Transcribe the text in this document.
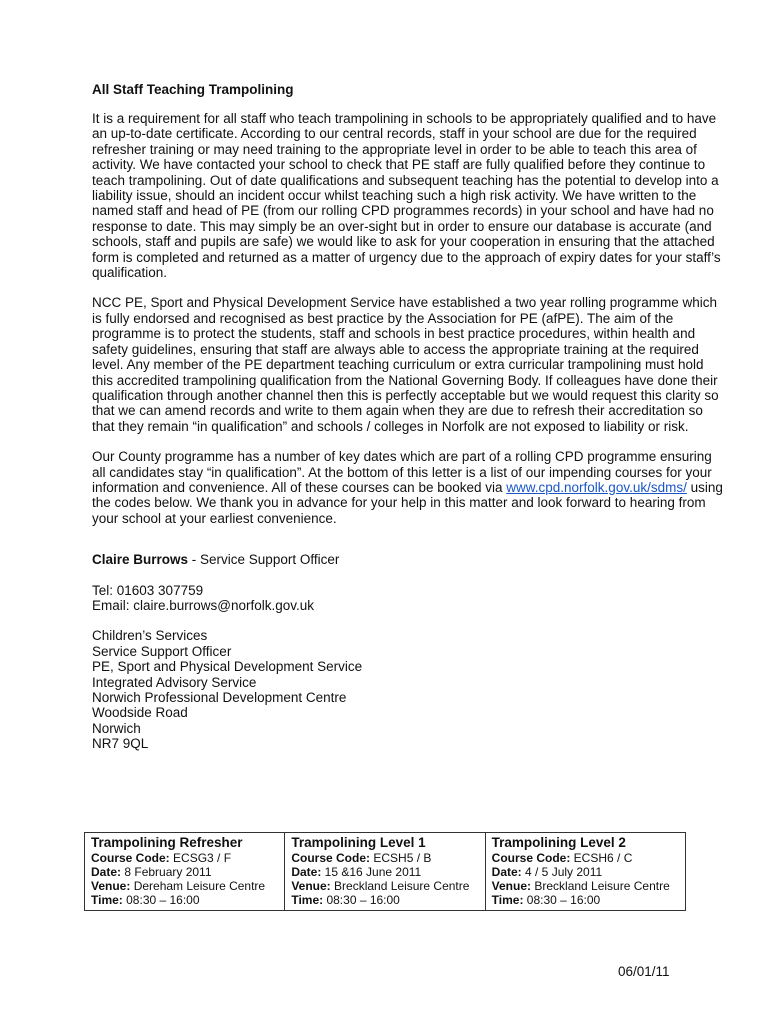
All Staff Teaching Trampolining

It is a requirement for all staff who teach trampolining in schools to be appropriately qualified and to have an up-to-date certificate. According to our central records, staff in your school are due for the required refresher training or may need training to the appropriate level in order to be able to teach this area of activity. We have contacted your school to check that PE staff are fully qualified before they continue to teach trampolining. Out of date qualifications and subsequent teaching has the potential to develop into a liability issue, should an incident occur whilst teaching such a high risk activity. We have written to the named staff and head of PE (from our rolling CPD programmes records) in your school and have had no response to date. This may simply be an over-sight but in order to ensure our database is accurate (and schools, staff and pupils are safe) we would like to ask for your cooperation in ensuring that the attached form is completed and returned as a matter of urgency due to the approach of expiry dates for your staff’s qualification.

NCC PE, Sport and Physical Development Service have established a two year rolling programme which is fully endorsed and recognised as best practice by the Association for PE (afPE). The aim of the programme is to protect the students, staff and schools in best practice procedures, within health and safety guidelines, ensuring that staff are always able to access the appropriate training at the required level. Any member of the PE department teaching curriculum or extra curricular trampolining must hold this accredited trampolining qualification from the National Governing Body. If colleagues have done their qualification through another channel then this is perfectly acceptable but we would request this clarity so that we can amend records and write to them again when they are due to refresh their accreditation so that they remain “in qualification” and schools / colleges in Norfolk are not exposed to liability or risk.

Our County programme has a number of key dates which are part of a rolling CPD programme ensuring all candidates stay “in qualification”. At the bottom of this letter is a list of our impending courses for your information and convenience. All of these courses can be booked via www.cpd.norfolk.gov.uk/sdms/ using the codes below. We thank you in advance for your help in this matter and look forward to hearing from your school at your earliest convenience.

Claire Burrows - Service Support Officer
Tel: 01603 307759
Email: claire.burrows@norfolk.gov.uk
Children’s Services
Service Support Officer
PE, Sport and Physical Development Service
Integrated Advisory Service
Norwich Professional Development Centre
Woodside Road
Norwich
NR7 9QL
Trampolining Refresher
Course Code: ECSG3 / F
Date: 8 February 2011
Venue: Dereham Leisure Centre
Time: 08:30 – 16:00

Trampolining Level 1
Course Code: ECSH5 / B
Date: 15 &16 June 2011
Venue: Breckland Leisure Centre
Time: 08:30 – 16:00

Trampolining Level 2
Course Code: ECSH6 / C
Date: 4 / 5 July 2011
Venue: Breckland Leisure Centre
Time: 08:30 – 16:00
06/01/11
